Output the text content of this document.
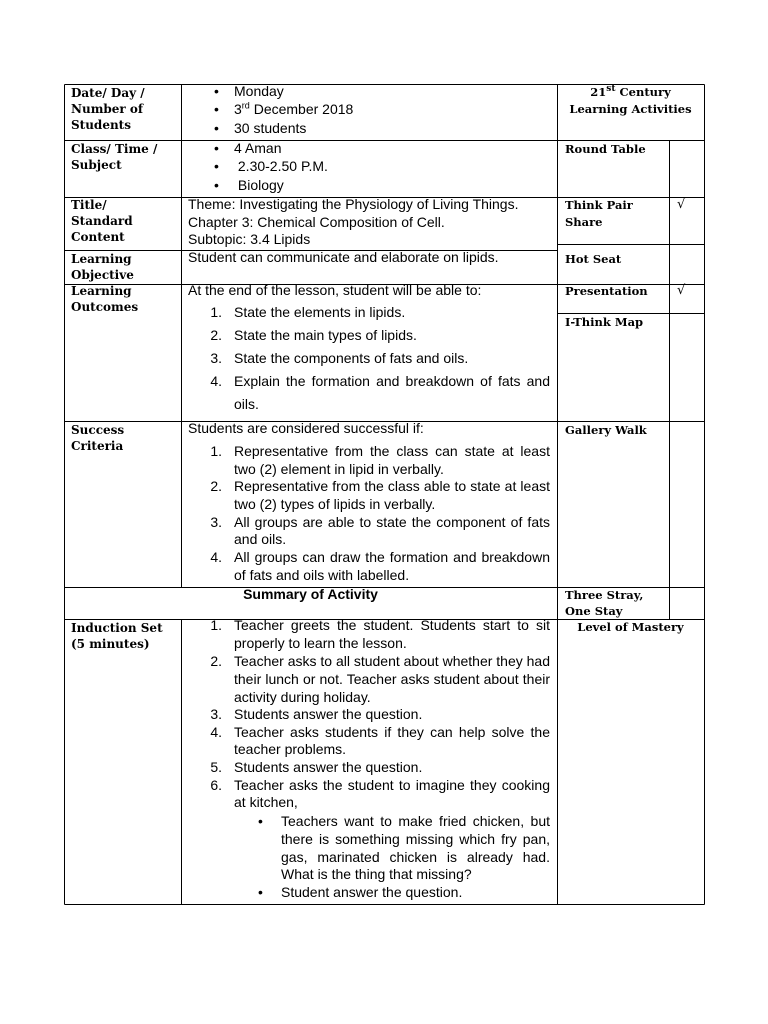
Date/ Day /
Number of
Students
• Monday
• 3rd December 2018
• 30 students
21st Century
Learning Activities
Class/ Time /
Subject
• 4 Aman
• 2.30-2.50 P.M.
• Biology
Round Table
Title/
Standard
Content
Theme: Investigating the Physiology of Living Things.
Chapter 3: Chemical Composition of Cell.
Subtopic: 3.4 Lipids
Think Pair
Share
√
Learning
Objective
Student can communicate and elaborate on lipids.	Hot Seat
Learning
Outcomes
At the end of the lesson, student will be able to:
1. State the elements in lipids.
2. State the main types of lipids.
3. State the components of fats and oils.
4. Explain the formation and breakdown of fats and
oils.
Presentation √
I-Think Map
Success
Criteria
Students are considered successful if:
1. Representative from the class can state at least
two (2) element in lipid in verbally.
2. Representative from the class able to state at least
two (2) types of lipids in verbally.
3. All groups are able to state the component of fats
and oils.
4. All groups can draw the formation and breakdown
of fats and oils with labelled.
Gallery Walk
Summary of Activity	Three Stray,
One Stay
Induction Set
(5 minutes)
Level of Mastery
1. Teacher greets the student. Students start to sit
properly to learn the lesson.
2. Teacher asks to all student about whether they had
their lunch or not. Teacher asks student about their
activity during holiday.
3. Students answer the question.
4. Teacher asks students if they can help solve the
teacher problems.
5. Students answer the question.
6. Teacher asks the student to imagine they cooking
at kitchen,
• Teachers want to make fried chicken, but
there is something missing which fry pan,
gas, marinated chicken is already had.
What is the thing that missing?
• Student answer the question.
